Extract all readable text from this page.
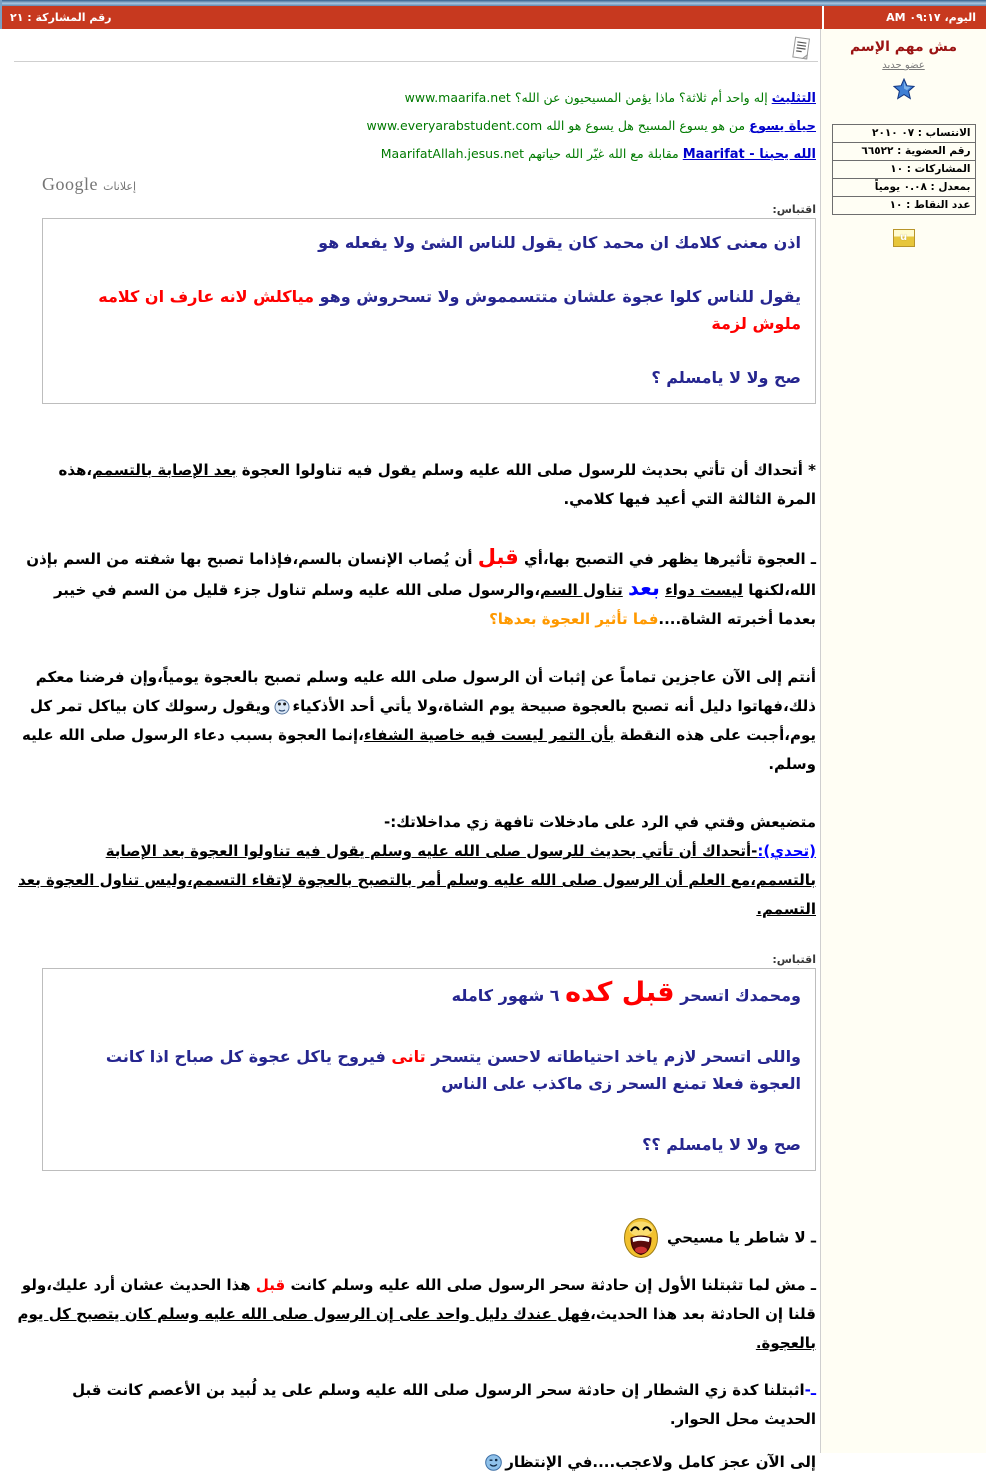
اليوم، ٠٩:١٧ AM
رقم المشاركة : ٢١
مش مهم الإسم
عضو جديد
الانتساب : ٠٧ ٢٠١٠
رقم العضوية : ٦٦٥٢٢
المشاركات : ١٠
بمعدل : ٠.٠٨ يومياً
عدد النقاط : ١٠
u
التثليث إله واحد أم ثلاثة؟ ماذا يؤمن المسيحيون عن الله؟ www.maarifa.net
حياة يسوع من هو يسوع المسيح هل يسوع هو الله www.everyarabstudent.com
الله يحبنا - Maarifat مقابلة مع الله غيّر الله حياتهم MaarifatAllah.jesus.net
إعلانات Google
اقتباس:
اذن معنى كلامك ان محمد كان يقول للناس الشئ ولا يفعله هو
يقول للناس كلوا عجوة علشان متتسمموش ولا تسحروش وهو مياكلش لانه عارف ان كلامه ملوش لزمة
صح ولا لا يامسلم ؟
* أتحداك أن تأتي بحديث للرسول صلى الله عليه وسلم يقول فيه تناولوا العجوة بعد الإصابة بالتسمم،هذه المرة الثالثة التي أعيد فيها كلامي.
ـ العجوة تأثيرها يظهر في التصبح بها،أي قبل أن يُصاب الإنسان بالسم،فإذاما تصبح بها شفته من السم بإذن الله،لكنها ليست دواء بعد تناول السم،والرسول صلى الله عليه وسلم تناول جزء قليل من السم في خيبر بعدما أخبرته الشاة....فما تأثير العجوة بعدها؟
أنتم إلى الآن عاجزين تماماً عن إثبات أن الرسول صلى الله عليه وسلم تصبح بالعجوة يومياً،وإن فرضنا معكم ذلك،فهاتوا دليل أنه تصبح بالعجوة صبيحة يوم الشاة،ولا يأتي أحد الأذكياءويقول رسولك كان بياكل تمر كل يوم،أجبت على هذه النقطة بأن التمر ليست فيه خاصية الشفاء،إنما العجوة بسبب دعاء الرسول صلى الله عليه وسلم.
متضيعش وقتي في الرد على مادخلات تافهة زي مداخلاتك:-
(تحدي):-أتحداك أن تأتي بحديث للرسول صلى الله عليه وسلم يقول فيه تناولوا العجوة بعد الإصابة بالتسمم،مع العلم أن الرسول صلى الله عليه وسلم أمر بالتصبح بالعجوة لإتقاء التسمم،وليس تناول العجوة بعد التسمم.
اقتباس:
ومحمدك اتسحر قبل كده ٦ شهور كامله
واللى اتسحر لازم ياخد احتياطاته لاحسن يتسحر تانى فيروح ياكل عجوة كل صباح اذا كانت العجوة فعلا تمنع السحر زى ماكذب على الناس
صح ولا لا يامسلم ؟؟
ـ لا شاطر يا مسيحي
ـ مش لما تثبتلنا الأول إن حادثة سحر الرسول صلى الله عليه وسلم كانت قبل هذا الحديث عشان أرد عليك،ولو قلنا إن الحادثة بعد هذا الحديث،فهل عندك دليل واحد على إن الرسول صلى الله عليه وسلم كان يتصبح كل يوم بالعجوة.
ـ-اثبتلنا كدة زي الشطار إن حادثة سحر الرسول صلى الله عليه وسلم على يد لُبيد بن الأعصم كانت قبل الحديث محل الحوار.
إلى الآن عجز كامل ولاعجب....في الإنتظار
